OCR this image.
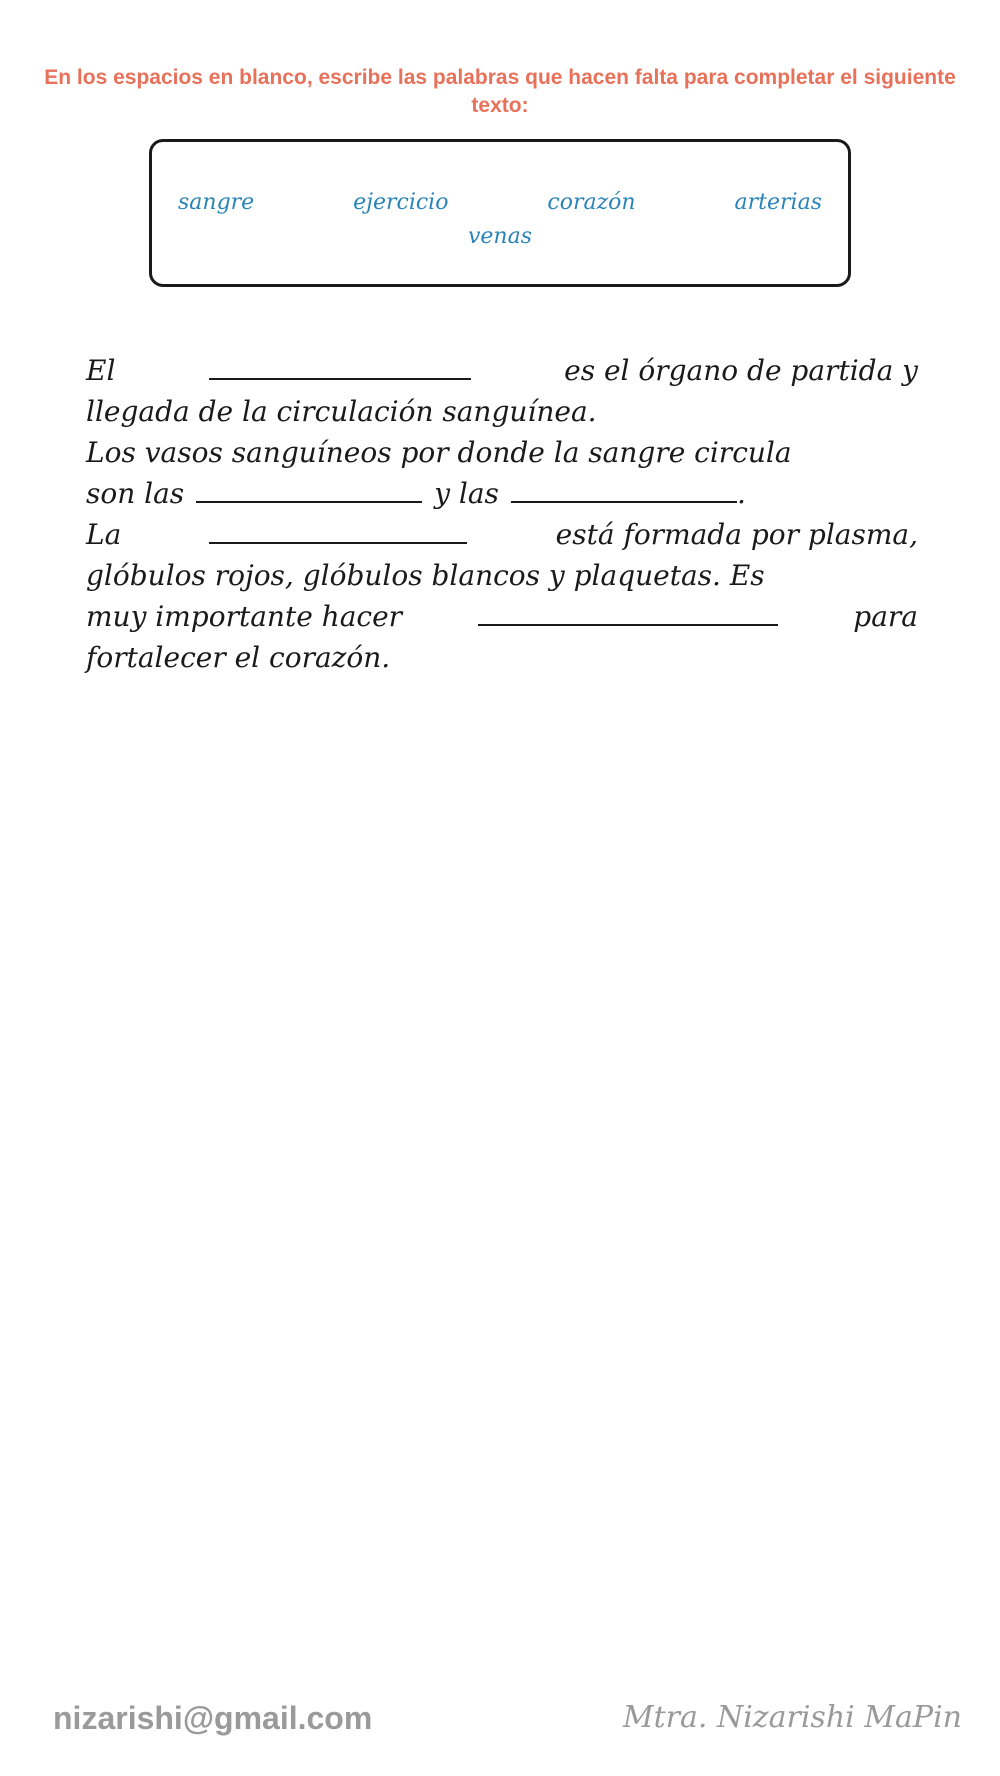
En los espacios en blanco, escribe las palabras que hacen falta para completar el siguiente texto:
sangre	ejercicio	corazón	arterias
venas
El	es el órgano de partida y
llegada de la circulación sanguínea.
Los vasos sanguíneos por donde la sangre circula
son las	y las	.
La	está formada por plasma,
glóbulos rojos, glóbulos blancos y plaquetas. Es
muy importante hacer	para
fortalecer el corazón.
nizarishi@gmail.com	Mtra. Nizarishi MaPin
